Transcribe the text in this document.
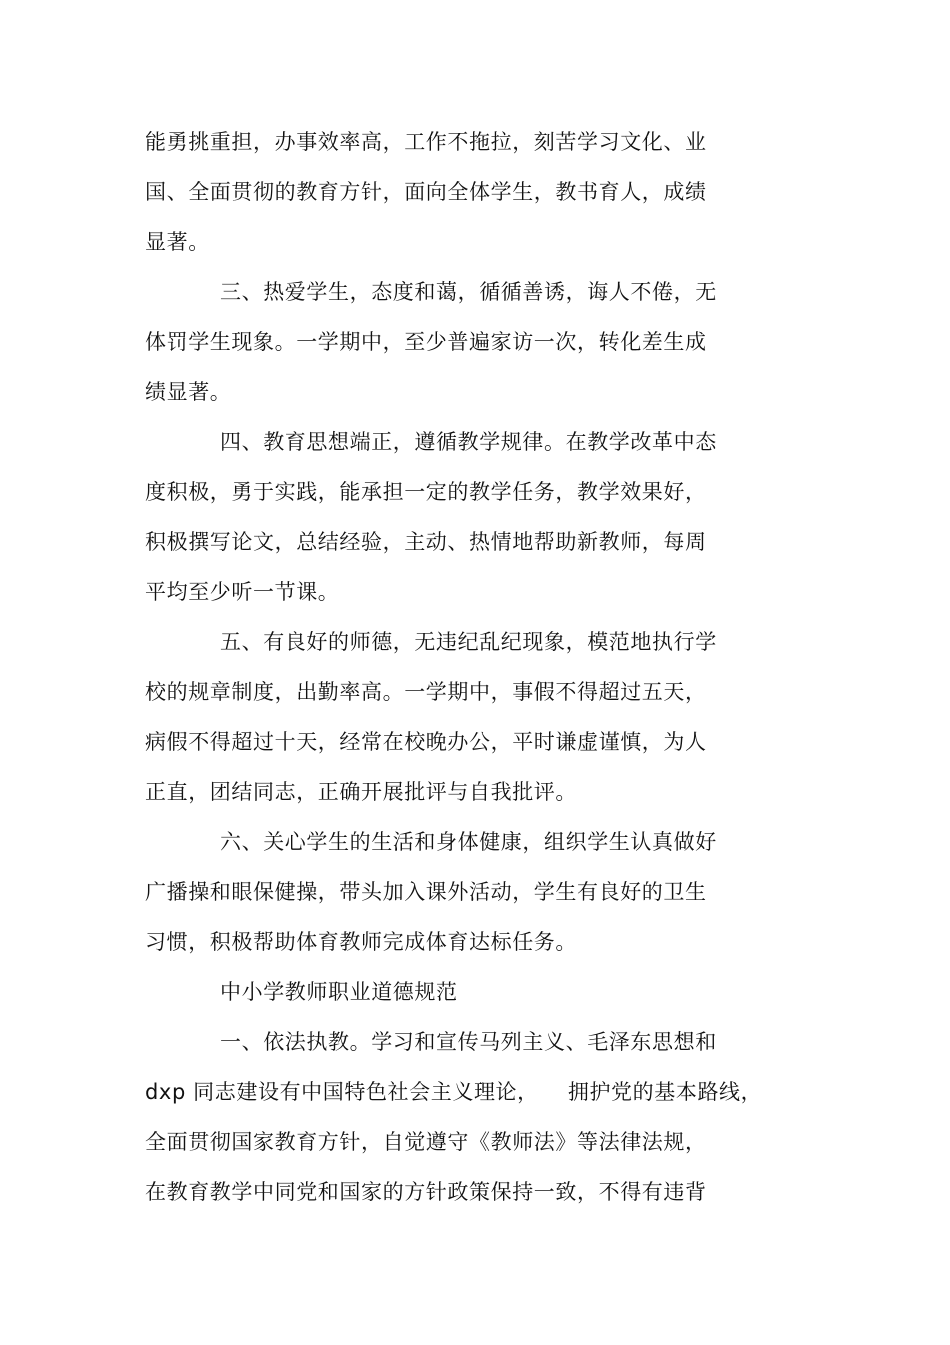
能勇挑重担，办事效率高，工作不拖拉，刻苦学习文化、业
国、全面贯彻的教育方针，面向全体学生，教书育人，成绩
显著。
三、热爱学生，态度和蔼，循循善诱，诲人不倦，无
体罚学生现象。一学期中，至少普遍家访一次，转化差生成
绩显著。
四、教育思想端正，遵循教学规律。在教学改革中态
度积极，勇于实践，能承担一定的教学任务，教学效果好，
积极撰写论文，总结经验，主动、热情地帮助新教师，每周
平均至少听一节课。
五、有良好的师德，无违纪乱纪现象，模范地执行学
校的规章制度，出勤率高。一学期中，事假不得超过五天，
病假不得超过十天，经常在校晚办公，平时谦虚谨慎，为人
正直，团结同志，正确开展批评与自我批评。
六、关心学生的生活和身体健康，组织学生认真做好
广播操和眼保健操，带头加入课外活动，学生有良好的卫生
习惯，积极帮助体育教师完成体育达标任务。
中小学教师职业道德规范
一、依法执教。学习和宣传马列主义、毛泽东思想和
dxp 同志建设有中国特色社会主义理论，    拥护党的基本路线，
全面贯彻国家教育方针，自觉遵守《教师法》等法律法规，
在教育教学中同党和国家的方针政策保持一致，不得有违背
